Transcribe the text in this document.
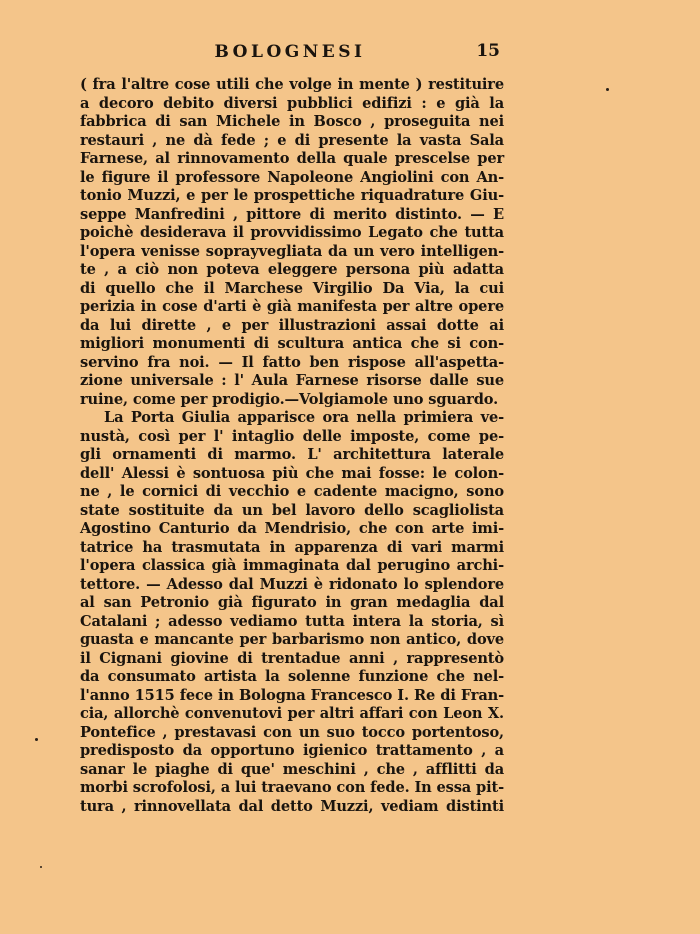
BOLOGNESI	15
( fra l'altre cose utili che volge in mente ) restituire
a decoro debito diversi pubblici edifizi : e già la
fabbrica di san Michele in Bosco , proseguita nei
restauri , ne dà fede ; e di presente la vasta Sala
Farnese, al rinnovamento della quale prescelse per
le figure il professore Napoleone Angiolini con An-
tonio Muzzi, e per le prospettiche riquadrature Giu-
seppe Manfredini , pittore di merito distinto. — E
poichè desiderava il provvidissimo Legato che tutta
l'opera venisse soprayvegliata da un vero intelligen-
te , a ciò non poteva eleggere persona più adatta
di quello che il Marchese Virgilio Da Via, la cui
perizia in cose d'arti è già manifesta per altre opere
da lui dirette , e per illustrazioni assai dotte ai
migliori monumenti di scultura antica che si con-
servino fra noi. — Il fatto ben rispose all'aspetta-
zione universale : l' Aula Farnese risorse dalle sue
ruine, come per prodigio.—Volgiamole uno sguardo.
La Porta Giulia apparisce ora nella primiera ve-
nustà, così per l' intaglio delle imposte, come pe-
gli ornamenti di marmo. L' architettura laterale
dell' Alessi è sontuosa più che mai fosse: le colon-
ne , le cornici di vecchio e cadente macigno, sono
state sostituite da un bel lavoro dello scagliolista
Agostino Canturio da Mendrisio, che con arte imi-
tatrice ha trasmutata in apparenza di vari marmi
l'opera classica già immaginata dal perugino archi-
tettore. — Adesso dal Muzzi è ridonato lo splendore
al san Petronio già figurato in gran medaglia dal
Catalani ; adesso vediamo tutta intera la storia, sì
guasta e mancante per barbarismo non antico, dove
il Cignani giovine di trentadue anni , rappresentò
da consumato artista la solenne funzione che nel-
l'anno 1515 fece in Bologna Francesco I. Re di Fran-
cia, allorchè convenutovi per altri affari con Leon X.
Pontefice , prestavasi con un suo tocco portentoso,
predisposto da opportuno igienico trattamento , a
sanar le piaghe di que' meschini , che , afflitti da
morbi scrofolosi, a lui traevano con fede. In essa pit-
tura , rinnovellata dal detto Muzzi, vediam distinti
